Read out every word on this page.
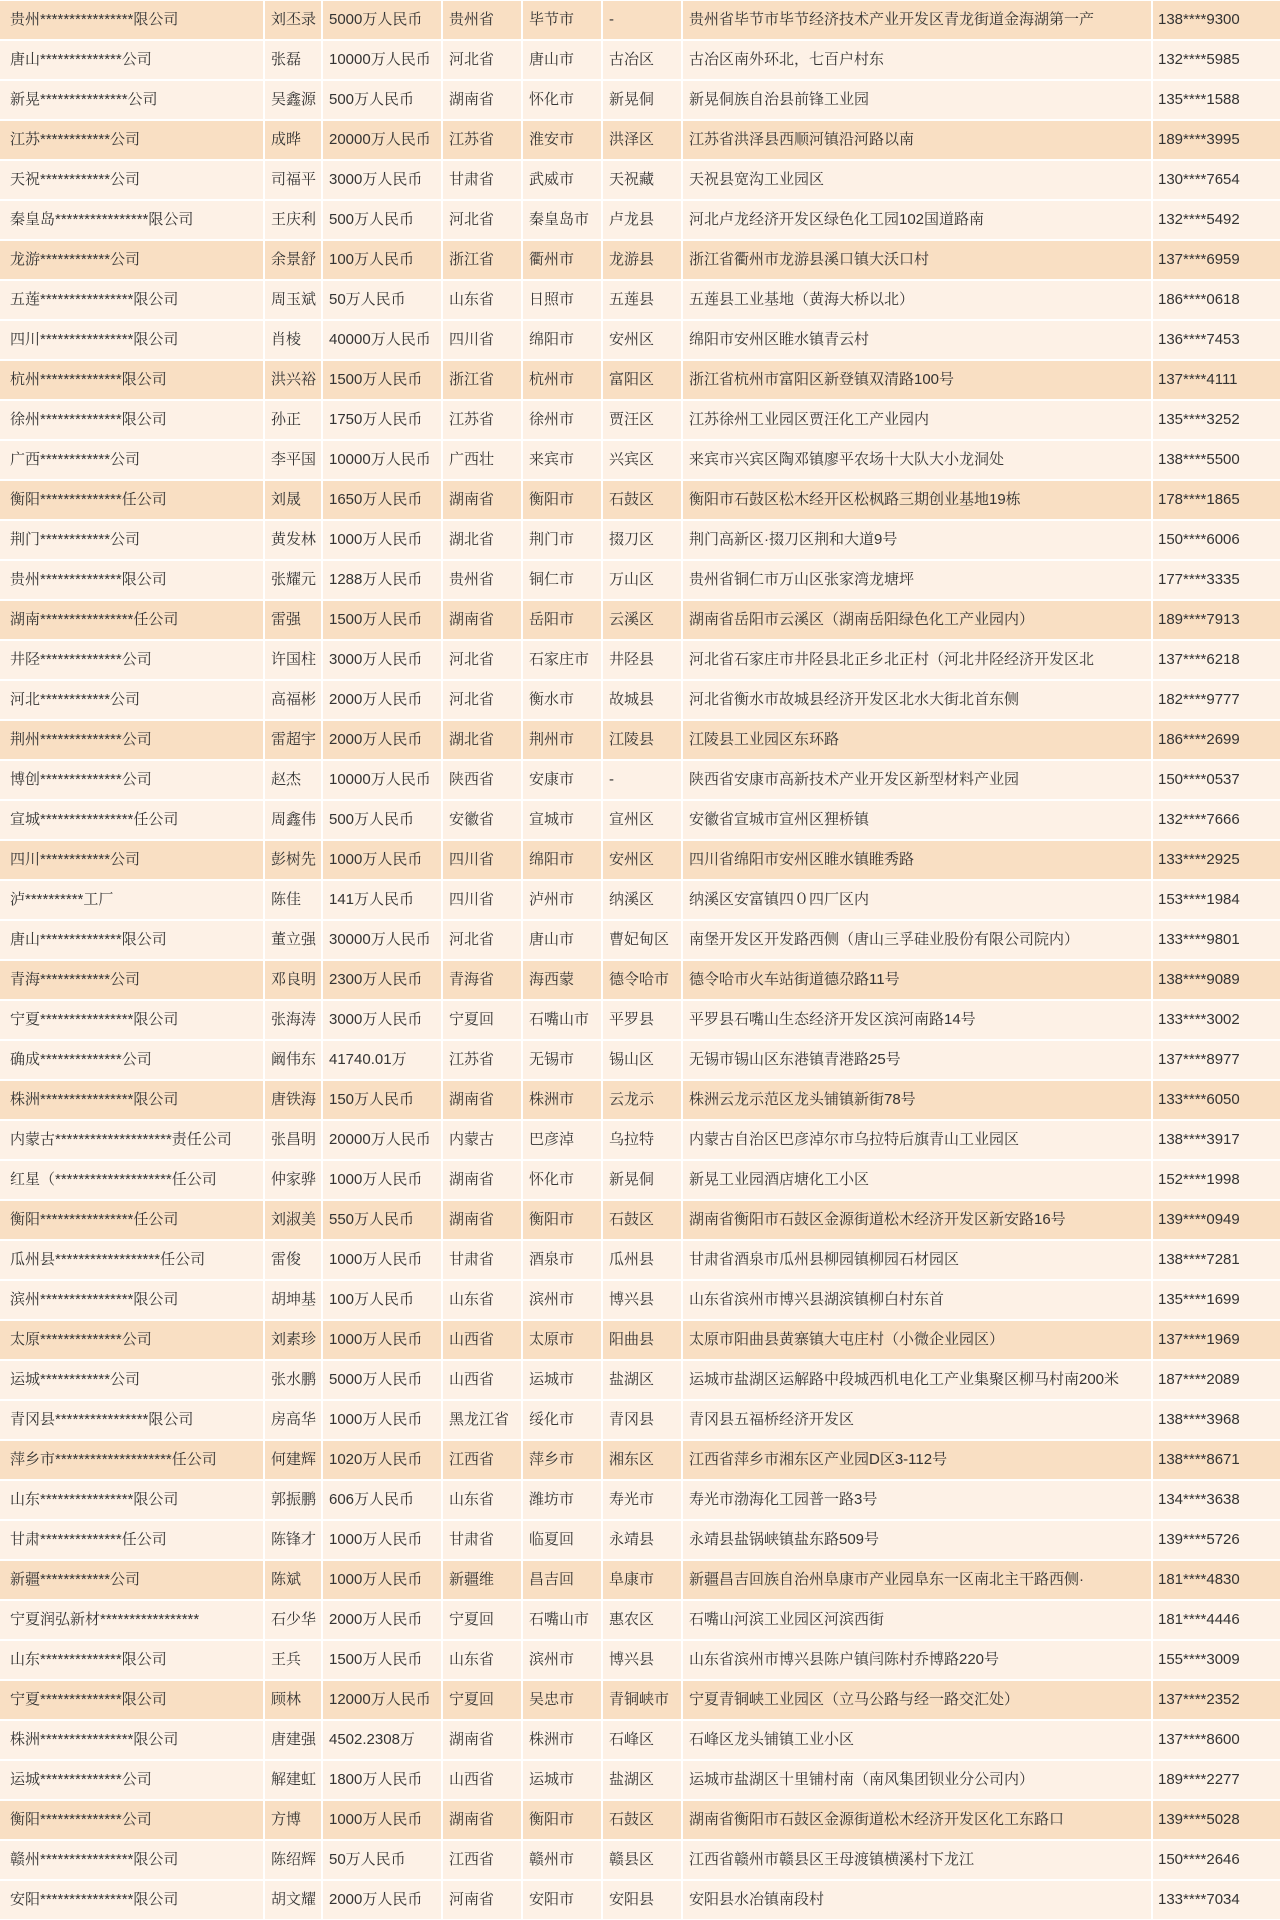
贵州****************限公司	刘丕录 5000万人民币	贵州省	毕节市	-	贵州省毕节市毕节经济技术产业开发区青龙街道金海湖第一产	138****9300
唐山**************公司	张磊	10000万人民币	河北省	唐山市	古冶区	古冶区南外环北，七百户村东	132****5985
新晃***************公司	吴鑫源 500万人民币	湖南省	怀化市	新晃侗	新晃侗族自治县前锋工业园	135****1588
江苏************公司	成晔	20000万人民币	江苏省	淮安市	洪泽区	江苏省洪泽县西顺河镇沿河路以南	189****3995
天祝************公司	司福平 3000万人民币	甘肃省	武威市	天祝藏	天祝县宽沟工业园区	130****7654
秦皇岛****************限公司	王庆利 500万人民币	河北省	秦皇岛市	卢龙县	河北卢龙经济开发区绿色化工园102国道路南	132****5492
龙游************公司	余景舒 100万人民币	浙江省	衢州市	龙游县	浙江省衢州市龙游县溪口镇大沃口村	137****6959
五莲****************限公司	周玉斌 50万人民币	山东省	日照市	五莲县	五莲县工业基地（黄海大桥以北）	186****0618
四川****************限公司	肖棱	40000万人民币	四川省	绵阳市	安州区	绵阳市安州区睢水镇青云村	136****7453
杭州**************限公司	洪兴裕 1500万人民币	浙江省	杭州市	富阳区	浙江省杭州市富阳区新登镇双清路100号	137****4111
徐州**************限公司	孙正	1750万人民币	江苏省	徐州市	贾汪区	江苏徐州工业园区贾汪化工产业园内	135****3252
广西************公司	李平国 10000万人民币	广西壮	来宾市	兴宾区	来宾市兴宾区陶邓镇廖平农场十大队大小龙洞处	138****5500
衡阳**************任公司	刘晟	1650万人民币	湖南省	衡阳市	石鼓区	衡阳市石鼓区松木经开区松枫路三期创业基地19栋	178****1865
荆门************公司	黄发林 1000万人民币	湖北省	荆门市	掇刀区	荆门高新区·掇刀区荆和大道9号	150****6006
贵州**************限公司	张耀元 1288万人民币	贵州省	铜仁市	万山区	贵州省铜仁市万山区张家湾龙塘坪	177****3335
湖南****************任公司	雷强	1500万人民币	湖南省	岳阳市	云溪区	湖南省岳阳市云溪区（湖南岳阳绿色化工产业园内）	189****7913
井陉**************公司	许国柱 3000万人民币	河北省	石家庄市	井陉县	河北省石家庄市井陉县北正乡北正村（河北井陉经济开发区北	137****6218
河北************公司	高福彬 2000万人民币	河北省	衡水市	故城县	河北省衡水市故城县经济开发区北水大街北首东侧	182****9777
荆州**************公司	雷超宇 2000万人民币	湖北省	荆州市	江陵县	江陵县工业园区东环路	186****2699
博创**************公司	赵杰	10000万人民币	陕西省	安康市	-	陕西省安康市高新技术产业开发区新型材料产业园	150****0537
宣城****************任公司	周鑫伟 500万人民币	安徽省	宣城市	宣州区	安徽省宣城市宣州区狸桥镇	132****7666
四川************公司	彭树先 1000万人民币	四川省	绵阳市	安州区	四川省绵阳市安州区睢水镇睢秀路	133****2925
泸**********工厂	陈佳	141万人民币	四川省	泸州市	纳溪区	纳溪区安富镇四０四厂区内	153****1984
唐山**************限公司	董立强 30000万人民币	河北省	唐山市	曹妃甸区	南堡开发区开发路西侧（唐山三孚硅业股份有限公司院内）	133****9801
青海************公司	邓良明 2300万人民币	青海省	海西蒙	德令哈市	德令哈市火车站街道德尕路11号	138****9089
宁夏****************限公司	张海涛 3000万人民币	宁夏回	石嘴山市	平罗县	平罗县石嘴山生态经济开发区滨河南路14号	133****3002
确成**************公司	阚伟东 41740.01万	江苏省	无锡市	锡山区	无锡市锡山区东港镇青港路25号	137****8977
株洲****************限公司	唐铁海 150万人民币	湖南省	株洲市	云龙示	株洲云龙示范区龙头铺镇新街78号	133****6050
内蒙古********************责任公司	张昌明 20000万人民币	内蒙古	巴彦淖	乌拉特	内蒙古自治区巴彦淖尔市乌拉特后旗青山工业园区	138****3917
红星（********************任公司	仲家骅 1000万人民币	湖南省	怀化市	新晃侗	新晃工业园酒店塘化工小区	152****1998
衡阳****************任公司	刘淑美 550万人民币	湖南省	衡阳市	石鼓区	湖南省衡阳市石鼓区金源街道松木经济开发区新安路16号	139****0949
瓜州县******************任公司	雷俊	1000万人民币	甘肃省	酒泉市	瓜州县	甘肃省酒泉市瓜州县柳园镇柳园石材园区	138****7281
滨州****************限公司	胡坤基 100万人民币	山东省	滨州市	博兴县	山东省滨州市博兴县湖滨镇柳白村东首	135****1699
太原**************公司	刘素珍 1000万人民币	山西省	太原市	阳曲县	太原市阳曲县黄寨镇大屯庄村（小微企业园区）	137****1969
运城************公司	张水鹏 5000万人民币	山西省	运城市	盐湖区	运城市盐湖区运解路中段城西机电化工产业集聚区柳马村南200米	187****2089
青冈县****************限公司	房高华 1000万人民币	黑龙江省	绥化市	青冈县	青冈县五福桥经济开发区	138****3968
萍乡市********************任公司	何建辉 1020万人民币	江西省	萍乡市	湘东区	江西省萍乡市湘东区产业园D区3-112号	138****8671
山东****************限公司	郭振鹏 606万人民币	山东省	潍坊市	寿光市	寿光市渤海化工园普一路3号	134****3638
甘肃**************任公司	陈锋才 1000万人民币	甘肃省	临夏回	永靖县	永靖县盐锅峡镇盐东路509号	139****5726
新疆************公司	陈斌	1000万人民币	新疆维	昌吉回	阜康市	新疆昌吉回族自治州阜康市产业园阜东一区南北主干路西侧·	181****4830
宁夏润弘新材*****************	石少华 2000万人民币	宁夏回	石嘴山市	惠农区	石嘴山河滨工业园区河滨西街	181****4446
山东**************限公司	王兵	1500万人民币	山东省	滨州市	博兴县	山东省滨州市博兴县陈户镇闫陈村乔博路220号	155****3009
宁夏**************限公司	顾林	12000万人民币	宁夏回	吴忠市	青铜峡市	宁夏青铜峡工业园区（立马公路与经一路交汇处）	137****2352
株洲****************限公司	唐建强 4502.2308万	湖南省	株洲市	石峰区	石峰区龙头铺镇工业小区	137****8600
运城**************公司	解建虹 1800万人民币	山西省	运城市	盐湖区	运城市盐湖区十里铺村南（南风集团钡业分公司内）	189****2277
衡阳**************公司	方博	1000万人民币	湖南省	衡阳市	石鼓区	湖南省衡阳市石鼓区金源街道松木经济开发区化工东路口	139****5028
赣州****************限公司	陈绍辉 50万人民币	江西省	赣州市	赣县区	江西省赣州市赣县区王母渡镇横溪村下龙江	150****2646
安阳****************限公司	胡文耀 2000万人民币	河南省	安阳市	安阳县	安阳县水冶镇南段村	133****7034
